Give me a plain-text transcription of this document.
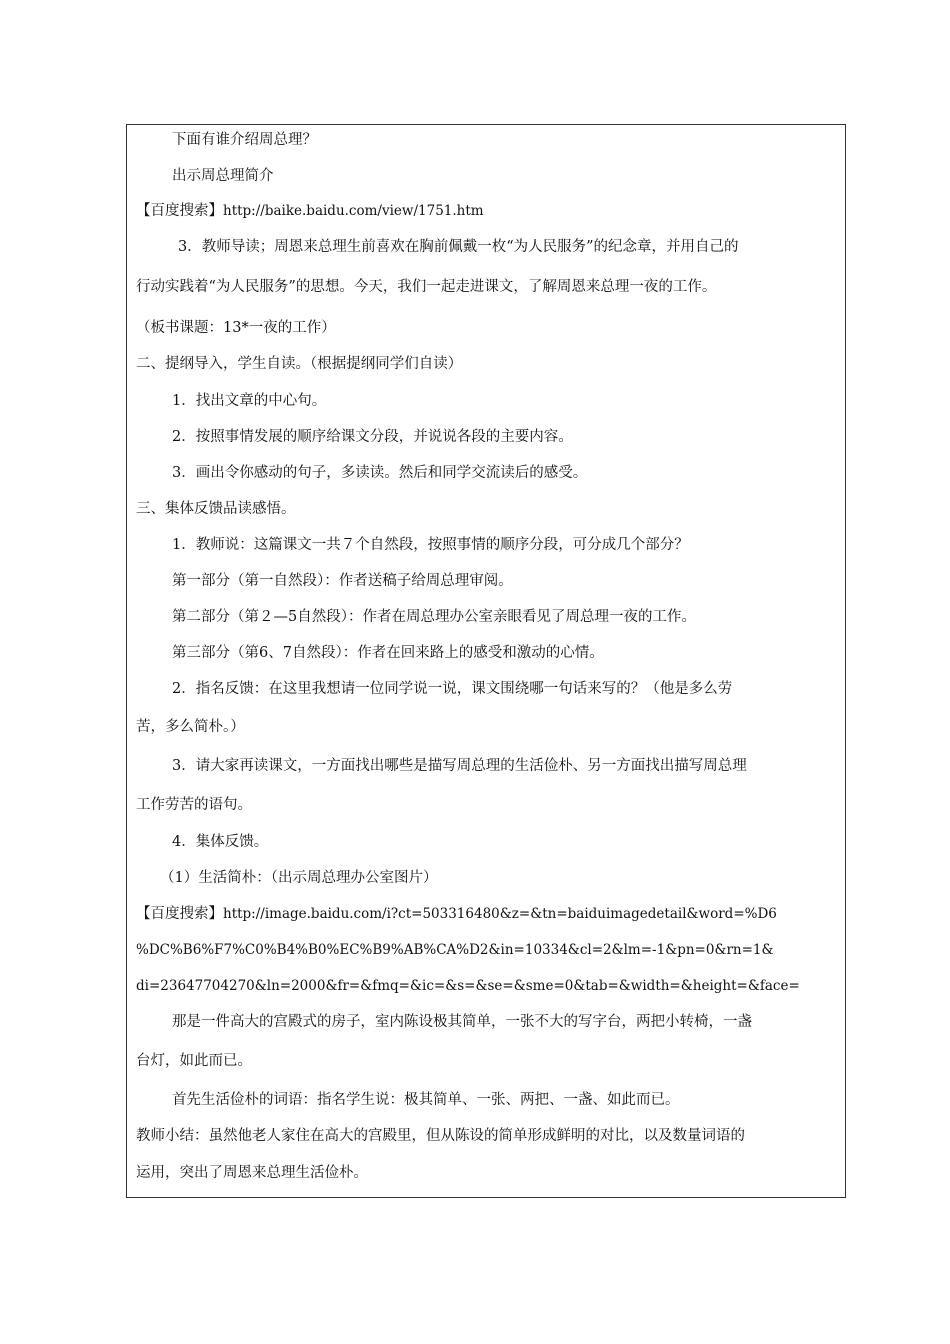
下面有谁介绍周总理？
出示周总理简介
【百度搜索】http://baike.baidu.com/view/1751.htm
3．教师导读；周恩来总理生前喜欢在胸前佩戴一枚“为人民服务”的纪念章，并用自己的
行动实践着“为人民服务”的思想。今天，我们一起走进课文，了解周恩来总理一夜的工作。
（板书课题：13*一夜的工作）
二、提纲导入，学生自读。（根据提纲同学们自读）
1．找出文章的中心句。
2．按照事情发展的顺序给课文分段，并说说各段的主要内容。
3．画出令你感动的句子，多读读。然后和同学交流读后的感受。
三、集体反馈品读感悟。
1．教师说：这篇课文一共７个自然段，按照事情的顺序分段，可分成几个部分？
第一部分（第一自然段）：作者送稿子给周总理审阅。
第二部分（第２—5自然段）：作者在周总理办公室亲眼看见了周总理一夜的工作。
第三部分（第6、7自然段）：作者在回来路上的感受和激动的心情。
2．指名反馈：在这里我想请一位同学说一说，课文围绕哪一句话来写的？（他是多么劳
苦，多么简朴。）
3．请大家再读课文，一方面找出哪些是描写周总理的生活俭朴、另一方面找出描写周总理
工作劳苦的语句。
4．集体反馈。
（1）生活简朴：（出示周总理办公室图片）
【百度搜索】http://image.baidu.com/i?ct=503316480&z=&tn=baiduimagedetail&word=%D6
%DC%B6%F7%C0%B4%B0%EC%B9%AB%CA%D2&in=10334&cl=2&lm=-1&pn=0&rn=1&
di=23647704270&ln=2000&fr=&fmq=&ic=&s=&se=&sme=0&tab=&width=&height=&face=
那是一件高大的宫殿式的房子，室内陈设极其简单，一张不大的写字台，两把小转椅，一盏
台灯，如此而已。
首先生活俭朴的词语：指名学生说：极其简单、一张、两把、一盏、如此而已。
教师小结：虽然他老人家住在高大的宫殿里，但从陈设的简单形成鲜明的对比，以及数量词语的
运用，突出了周恩来总理生活俭朴。
